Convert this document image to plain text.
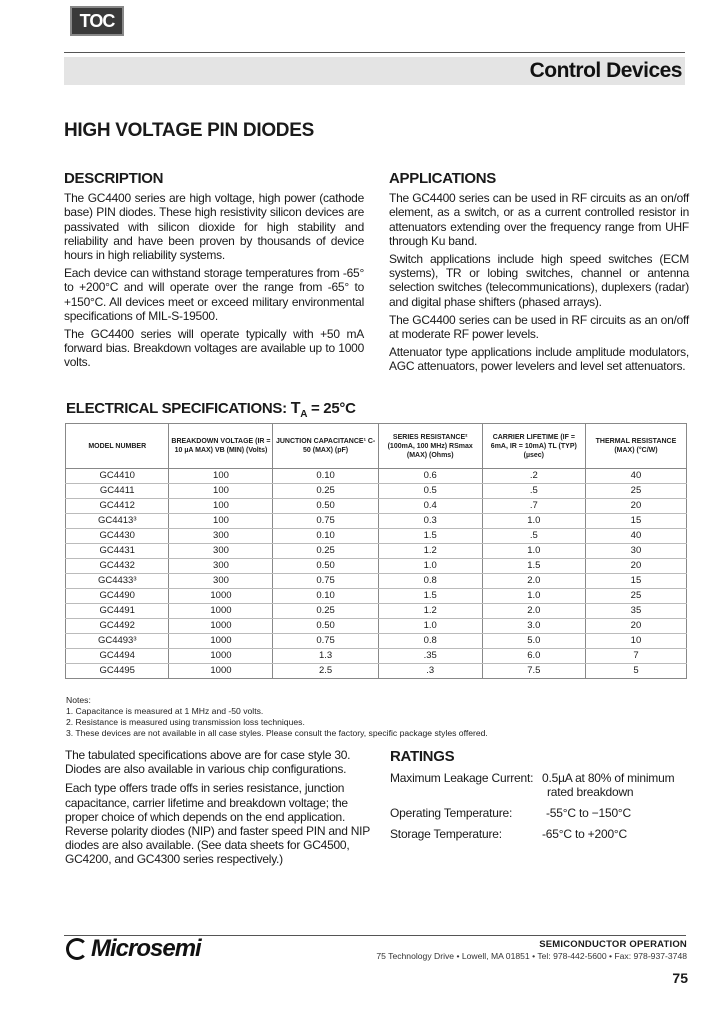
TOC
Control Devices
HIGH VOLTAGE PIN DIODES
DESCRIPTION

The GC4400 series are high voltage, high power (cathode base) PIN diodes. These high resistivity silicon devices are passivated with silicon dioxide for high stability and reliability and have been proven by thousands of device hours in high reliability systems.

Each device can withstand storage temperatures from -65° to +200°C and will operate over the range from -65° to +150°C. All devices meet or exceed military environmental specifications of MIL-S-19500.

The GC4400 series will operate typically with +50 mA forward bias. Breakdown voltages are available up to 1000 volts.

APPLICATIONS

The GC4400 series can be used in RF circuits as an on/off element, as a switch, or as a current controlled resistor in attenuators extending over the frequency range from UHF through Ku band.

Switch applications include high speed switches (ECM systems), TR or lobing switches, channel or antenna selection switches (telecommunications), duplexers (radar) and digital phase shifters (phased arrays).

The GC4400 series can be used in RF circuits as an on/off at moderate RF power levels.

Attenuator type applications include amplitude modulators, AGC attenuators, power levelers and level set attenuators.

ELECTRICAL SPECIFICATIONS: $T_A = 25^\circ C$
MODEL NUMBER	BREAKDOWN VOLTAGE (IR = 10 µA MAX) VB (MIN) (Volts)	JUNCTION CAPACITANCE¹ C-50 (MAX) (pF)	SERIES RESISTANCE² (100mA, 100 MHz) RSmax (MAX) (Ohms)	CARRIER LIFETIME (IF = 6mA, IR = 10mA) TL (TYP) (µsec)	THERMAL RESISTANCE (MAX) (°C/W)
GC4410	100	0.10	0.6	.2	40
GC4411	100	0.25	0.5	.5	25
GC4412	100	0.50	0.4	.7	20
GC4413³	100	0.75	0.3	1.0	15
GC4430	300	0.10	1.5	.5	40
GC4431	300	0.25	1.2	1.0	30
GC4432	300	0.50	1.0	1.5	20
GC4433³	300	0.75	0.8	2.0	15
GC4490	1000	0.10	1.5	1.0	25
GC4491	1000	0.25	1.2	2.0	35
GC4492	1000	0.50	1.0	3.0	20
GC4493³	1000	0.75	0.8	5.0	10
GC4494	1000	1.3	.35	6.0	7
GC4495	1000	2.5	.3	7.5	5
Notes:
1. Capacitance is measured at 1 MHz and -50 volts.
2. Resistance is measured using transmission loss techniques.
3. These devices are not available in all case styles. Please consult the factory, specific package styles offered.

The tabulated specifications above are for case style 30. Diodes are also available in various chip configurations.

Each type offers trade offs in series resistance, junction capacitance, carrier lifetime and breakdown voltage; the proper choice of which depends on the end application. Reverse polarity diodes (NIP) and faster speed PIN and NIP diodes are also available. (See data sheets for GC4500, GC4200, and GC4300 series respectively.)

RATINGS
Maximum Leakage Current: 0.5µA at 80% of minimum
rated breakdown
Operating Temperature:	-55°C to −150°C
Storage Temperature:	-65°C to +200°C
Microsemi	SEMICONDUCTOR OPERATION
75 Technology Drive • Lowell, MA 01851 • Tel: 978-442-5600 • Fax: 978-937-3748
75
